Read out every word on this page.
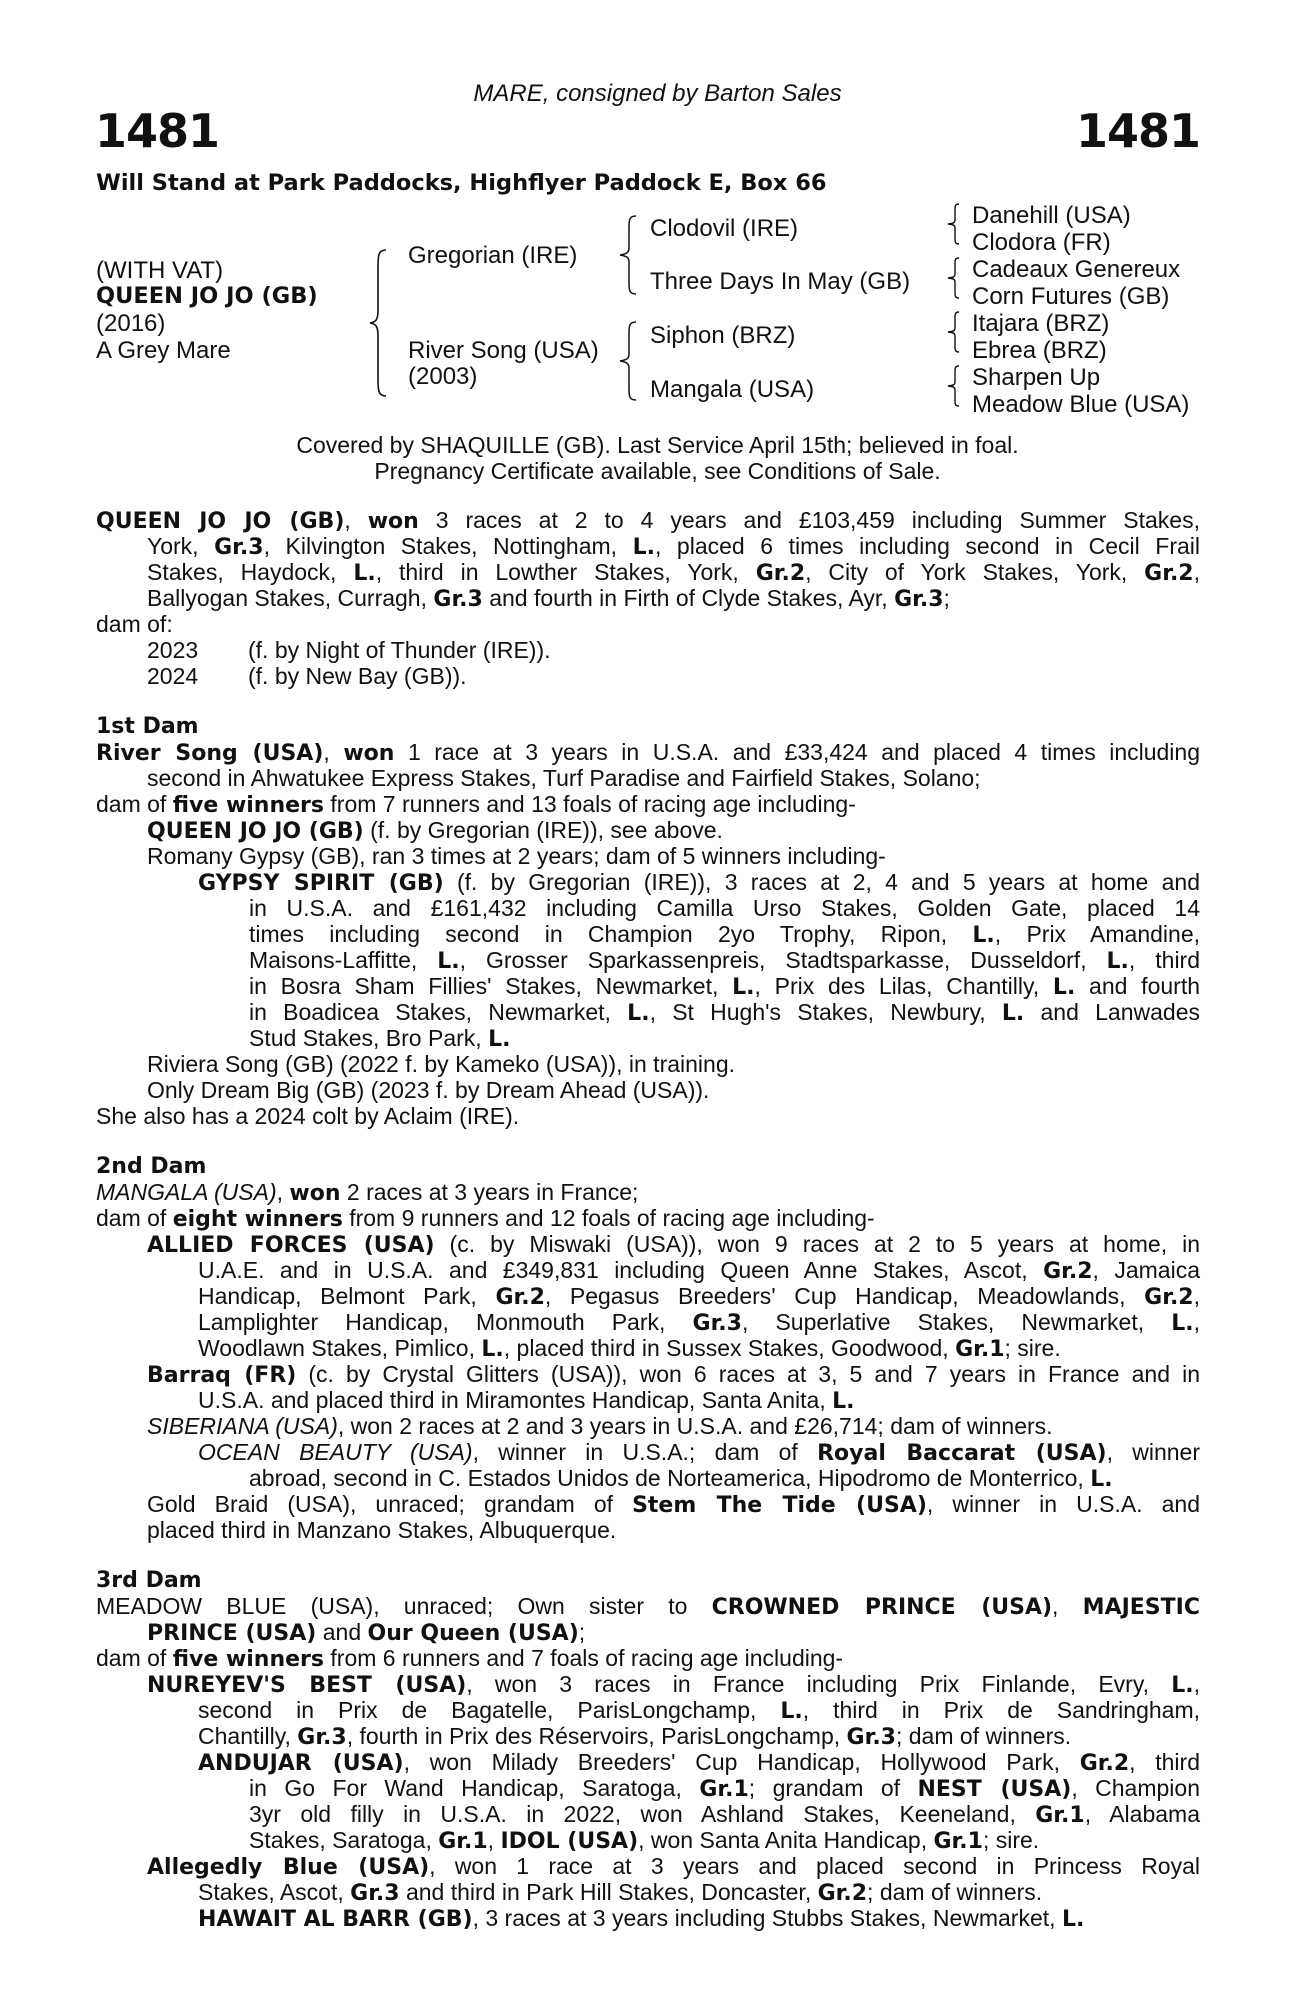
MARE, consigned by Barton Sales
1481	1481
Will Stand at Park Paddocks, Highflyer Paddock E, Box 66
(WITH VAT)
QUEEN JO JO (GB)
(2016)
A Grey Mare
Gregorian (IRE)
River Song (USA)
(2003)
Clodovil (IRE)
Three Days In May (GB)
Siphon (BRZ)
Mangala (USA)
Danehill (USA)
Clodora (FR)
Cadeaux Genereux
Corn Futures (GB)
Itajara (BRZ)
Ebrea (BRZ)
Sharpen Up
Meadow Blue (USA)
Covered by SHAQUILLE (GB). Last Service April 15th; believed in foal.
Pregnancy Certificate available, see Conditions of Sale.
QUEEN JO JO (GB), won 3 races at 2 to 4 years and £103,459 including Summer Stakes,
York, Gr.3, Kilvington Stakes, Nottingham, L., placed 6 times including second in Cecil Frail
Stakes, Haydock, L., third in Lowther Stakes, York, Gr.2, City of York Stakes, York, Gr.2,
Ballyogan Stakes, Curragh, Gr.3 and fourth in Firth of Clyde Stakes, Ayr, Gr.3;
dam of:
2023 (f. by Night of Thunder (IRE)).
2024 (f. by New Bay (GB)).
1st Dam
River Song (USA), won 1 race at 3 years in U.S.A. and £33,424 and placed 4 times including
second in Ahwatukee Express Stakes, Turf Paradise and Fairfield Stakes, Solano;
dam of five winners from 7 runners and 13 foals of racing age including-
QUEEN JO JO (GB) (f. by Gregorian (IRE)), see above.
Romany Gypsy (GB), ran 3 times at 2 years; dam of 5 winners including-
GYPSY SPIRIT (GB) (f. by Gregorian (IRE)), 3 races at 2, 4 and 5 years at home and
in U.S.A. and £161,432 including Camilla Urso Stakes, Golden Gate, placed 14
times including second in Champion 2yo Trophy, Ripon, L., Prix Amandine,
Maisons-Laffitte, L., Grosser Sparkassenpreis, Stadtsparkasse, Dusseldorf, L., third
in Bosra Sham Fillies' Stakes, Newmarket, L., Prix des Lilas, Chantilly, L. and fourth
in Boadicea Stakes, Newmarket, L., St Hugh's Stakes, Newbury, L. and Lanwades
Stud Stakes, Bro Park, L.
Riviera Song (GB) (2022 f. by Kameko (USA)), in training.
Only Dream Big (GB) (2023 f. by Dream Ahead (USA)).
She also has a 2024 colt by Aclaim (IRE).
2nd Dam
MANGALA (USA), won 2 races at 3 years in France;
dam of eight winners from 9 runners and 12 foals of racing age including-
ALLIED FORCES (USA) (c. by Miswaki (USA)), won 9 races at 2 to 5 years at home, in
U.A.E. and in U.S.A. and £349,831 including Queen Anne Stakes, Ascot, Gr.2, Jamaica
Handicap, Belmont Park, Gr.2, Pegasus Breeders' Cup Handicap, Meadowlands, Gr.2,
Lamplighter Handicap, Monmouth Park, Gr.3, Superlative Stakes, Newmarket, L.,
Woodlawn Stakes, Pimlico, L., placed third in Sussex Stakes, Goodwood, Gr.1; sire.
Barraq (FR) (c. by Crystal Glitters (USA)), won 6 races at 3, 5 and 7 years in France and in
U.S.A. and placed third in Miramontes Handicap, Santa Anita, L.
SIBERIANA (USA), won 2 races at 2 and 3 years in U.S.A. and £26,714; dam of winners.
OCEAN BEAUTY (USA), winner in U.S.A.; dam of Royal Baccarat (USA), winner
abroad, second in C. Estados Unidos de Norteamerica, Hipodromo de Monterrico, L.
Gold Braid (USA), unraced; grandam of Stem The Tide (USA), winner in U.S.A. and
placed third in Manzano Stakes, Albuquerque.
3rd Dam
MEADOW BLUE (USA), unraced; Own sister to CROWNED PRINCE (USA), MAJESTIC
PRINCE (USA) and Our Queen (USA);
dam of five winners from 6 runners and 7 foals of racing age including-
NUREYEV'S BEST (USA), won 3 races in France including Prix Finlande, Evry, L.,
second in Prix de Bagatelle, ParisLongchamp, L., third in Prix de Sandringham,
Chantilly, Gr.3, fourth in Prix des Réservoirs, ParisLongchamp, Gr.3; dam of winners.
ANDUJAR (USA), won Milady Breeders' Cup Handicap, Hollywood Park, Gr.2, third
in Go For Wand Handicap, Saratoga, Gr.1; grandam of NEST (USA), Champion
3yr old filly in U.S.A. in 2022, won Ashland Stakes, Keeneland, Gr.1, Alabama
Stakes, Saratoga, Gr.1, IDOL (USA), won Santa Anita Handicap, Gr.1; sire.
Allegedly Blue (USA), won 1 race at 3 years and placed second in Princess Royal
Stakes, Ascot, Gr.3 and third in Park Hill Stakes, Doncaster, Gr.2; dam of winners.
HAWAIT AL BARR (GB), 3 races at 3 years including Stubbs Stakes, Newmarket, L.
